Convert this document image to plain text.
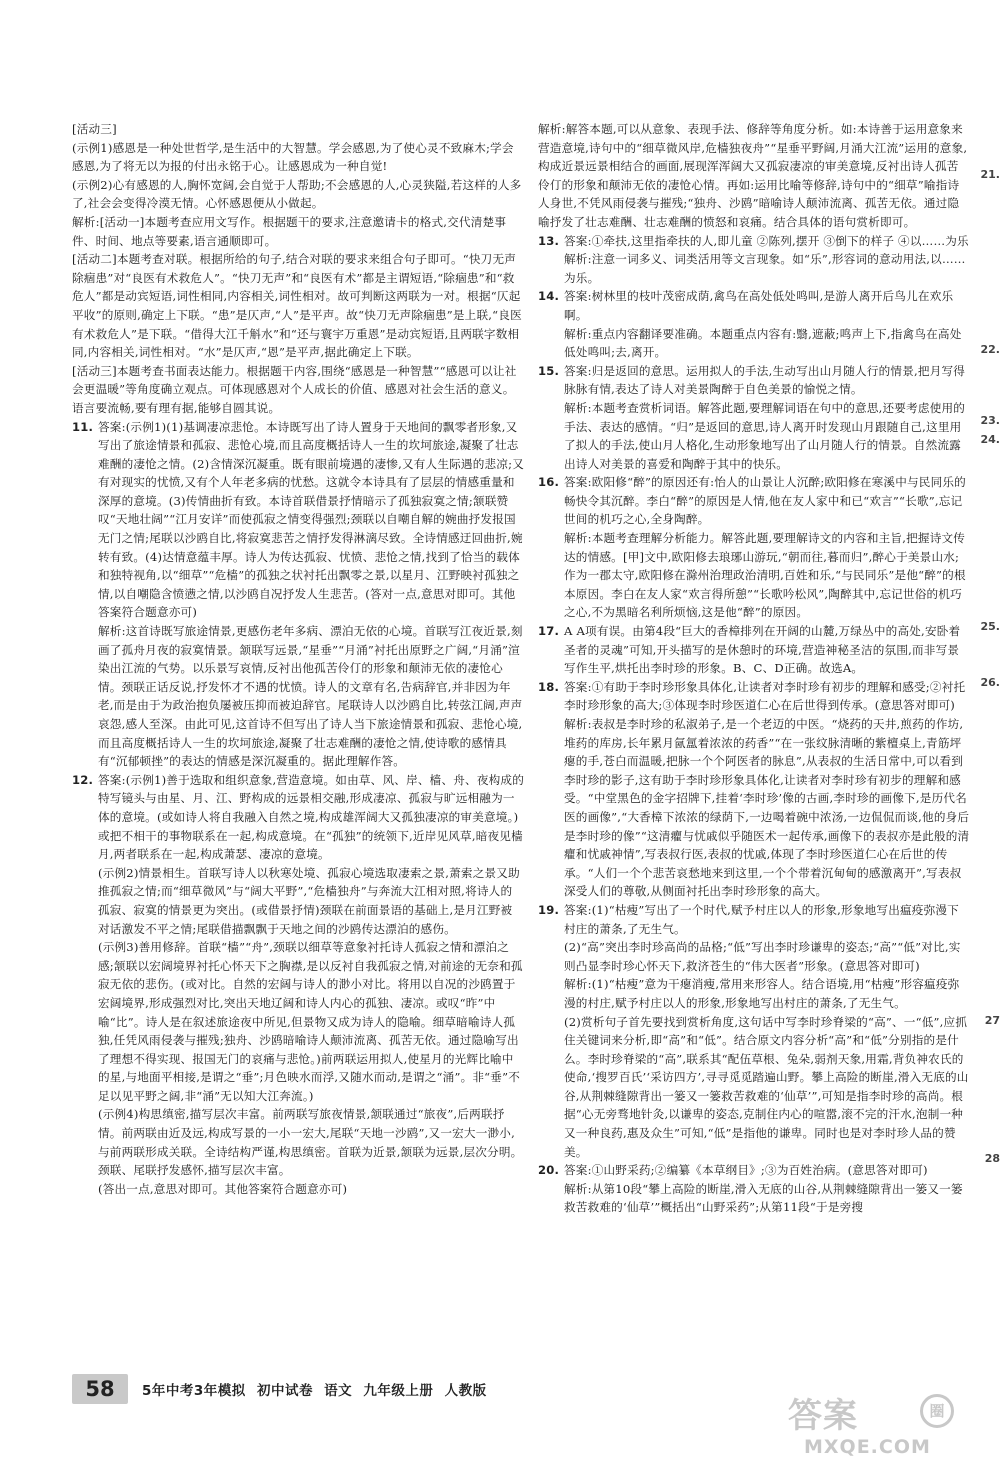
[活动三]

(示例1)感恩是一种处世哲学,是生活中的大智慧。学会感恩,为了使心灵不致麻木;学会感恩,为了将无以为报的付出永铭于心。让感恩成为一种自觉!

(示例2)心有感恩的人,胸怀宽阔,会自觉于人帮助;不会感恩的人,心灵狭隘,若这样的人多了,社会会变得冷漠无情。心怀感恩便从小做起。

解析:[活动一]本题考查应用文写作。根据题干的要求,注意邀请卡的格式,交代清楚事件、时间、地点等要素,语言通顺即可。

[活动二]本题考查对联。根据所给的句子,结合对联的要求来组合句子即可。“快刀无声除痼患”对“良医有术救危人”。“快刀无声”和“良医有术”都是主谓短语,“除痼患”和“救危人”都是动宾短语,词性相同,内容相关,词性相对。故可判断这两联为一对。根据“仄起平收”的原则,确定上下联。“患”是仄声,“人”是平声。故“快刀无声除痼患”是上联,“良医有术救危人”是下联。“借得大江千斛水”和“还与寰宇万重恩”是动宾短语,且两联字数相同,内容相关,词性相对。“水”是仄声,“恩”是平声,据此确定上下联。

[活动三]本题考查书面表达能力。根据题干内容,围绕“感恩是一种智慧”“感恩可以让社会更温暖”等角度确立观点。可体现感恩对个人成长的价值、感恩对社会生活的意义。语言要流畅,要有理有据,能够自圆其说。

11. 答案:(示例1)(1)基调凄凉悲怆。本诗既写出了诗人置身于天地间的飘零者形象,又写出了旅途情景和孤寂、悲怆心境,而且高度概括诗人一生的坎坷旅途,凝聚了壮志难酬的凄怆之情。(2)含情深沉凝重。既有眼前境遇的凄惨,又有人生际遇的悲凉;又有对现实的忧愤,又有个人年老多病的忧愁。这就令本诗具有了层层的情感重量和深厚的意境。(3)传情曲折有致。本诗首联借景抒情暗示了孤独寂寞之情;颔联赞叹“天地壮阔”“江月安详”而使孤寂之情变得强烈;颈联以自嘲自解的婉曲抒发报国无门之情;尾联以沙鸥自比,将寂寞悲苦之情抒发得淋漓尽致。全诗情感迂回曲折,婉转有致。(4)达情意蕴丰厚。诗人为传达孤寂、忧愤、悲怆之情,找到了恰当的载体和独特视角,以“细草”“危樯”的孤独之状衬托出飘零之景,以星月、江野映衬孤独之情,以自嘲隐含愤懑之情,以沙鸥自况抒发人生悲苦。(答对一点,意思对即可。其他答案符合题意亦可)

解析:这首诗既写旅途情景,更感伤老年多病、漂泊无依的心境。首联写江夜近景,刻画了孤舟月夜的寂寞情景。颔联写远景,“星垂”“月涌”衬托出原野之广阔,“月涌”渲染出江流的气势。以乐景写哀情,反衬出他孤苦伶仃的形象和颠沛无依的凄怆心情。颈联正话反说,抒发怀才不遇的忧愤。诗人的文章有名,告病辞官,并非因为年老,而是由于为政治抱负屡被压抑而被迫辞官。尾联诗人以沙鸥自比,转弦江阔,声声哀怨,感人至深。由此可见,这首诗不但写出了诗人当下旅途情景和孤寂、悲怆心境,而且高度概括诗人一生的坎坷旅途,凝聚了壮志难酬的凄怆之情,使诗歌的感情具有“沉郁顿挫”的表达的情感是深沉凝重的。据此理解作答。

12. 答案:(示例1)善于选取和组织意象,营造意境。如由草、风、岸、樯、舟、夜构成的特写镜头与由星、月、江、野构成的远景相交融,形成凄凉、孤寂与旷远相融为一体的意境。(或如诗人将自我融入自然之境,构成雄浑阔大又孤独凄凉的审美意境。)或把不相干的事物联系在一起,构成意境。在“孤独”的统领下,近岸见风草,暗夜见樯月,两者联系在一起,构成萧瑟、凄凉的意境。

(示例2)情景相生。首联写诗人以秋寒处境、孤寂心境选取凄索之景,萧索之景又助推孤寂之情;而“细草微风”与“阔大平野”,“危樯独舟”与奔流大江相对照,将诗人的孤寂、寂寞的情景更为突出。(或借景抒情)颈联在前面景语的基础上,是月江野被对话激发不平之情;尾联借描飘飘于天地之间的沙鸥传达漂泊的感伤。

(示例3)善用修辞。首联“樯”“舟”,颈联以细草等意象衬托诗人孤寂之情和漂泊之感;颔联以宏阔境界衬托心怀天下之胸襟,是以反衬自我孤寂之情,对前途的无奈和孤寂无依的悲伤。(或对比。自然的宏阔与诗人的渺小对比。将用以自况的沙鸥置于宏阔境界,形成强烈对比,突出天地辽阔和诗人内心的孤独、凄凉。或叹“昨”中喻“比”。诗人是在叙述旅途夜中所见,但景物又成为诗人的隐喻。细草暗喻诗人孤独,任凭风雨侵袭与摧残;独舟、沙鸥暗喻诗人颠沛流离、孤苦无依。通过隐喻写出了理想不得实现、报国无门的哀痛与悲怆。)前两联运用拟人,使星月的光辉比喻中的星,与地面平相接,是谓之“垂”;月色映水而浮,又随水而动,是谓之“涌”。非“垂”不足以见平野之阔,非“涌”无以知大江奔流。)

(示例4)构思缜密,描写层次丰富。前两联写旅夜情景,颔联通过“旅夜”,后两联抒情。前两联由近及远,构成写景的一小一宏大,尾联“天地一沙鸥”,又一宏大一渺小,与前两联形成关联。全诗结构严谨,构思缜密。首联为近景,颔联为远景,层次分明。颈联、尾联抒发感怀,描写层次丰富。

(答出一点,意思对即可。其他答案符合题意亦可)

解析:解答本题,可以从意象、表现手法、修辞等角度分析。如:本诗善于运用意象来营造意境,诗句中的“细草微风岸,危樯独夜舟”“星垂平野阔,月涌大江流”运用的意象,构成近景远景相结合的画面,展现浑浑阔大又孤寂凄凉的审美意境,反衬出诗人孤苦伶仃的形象和颠沛无依的凄怆心情。再如:运用比喻等修辞,诗句中的“细草”喻指诗人身世,不凭风雨侵袭与摧残;“独舟、沙鸥”暗喻诗人颠沛流离、孤苦无依。通过隐喻抒发了壮志难酬、壮志难酬的愤怒和哀痛。结合具体的语句赏析即可。

13. 答案:①牵扶,这里指牵扶的人,即儿童 ②陈列,摆开 ③倒下的样子 ④以……为乐

解析:注意一词多义、词类活用等文言现象。如“乐”,形容词的意动用法,以……为乐。

14. 答案:树林里的枝叶茂密成荫,禽鸟在高处低处鸣叫,是游人离开后鸟儿在欢乐啊。

解析:重点内容翻译要准确。本题重点内容有:翳,遮蔽;鸣声上下,指禽鸟在高处低处鸣叫;去,离开。

15. 答案:归是返回的意思。运用拟人的手法,生动写出山月随人行的情景,把月写得脉脉有情,表达了诗人对美景陶醉于自色美景的愉悦之情。

解析:本题考查赏析词语。解答此题,要理解词语在句中的意思,还要考虑使用的手法、表达的感情。“归”是返回的意思,诗人离开时发现山月跟随自己,这里用了拟人的手法,使山月人格化,生动形象地写出了山月随人行的情景。自然流露出诗人对美景的喜爱和陶醉于其中的快乐。

16. 答案:欧阳修“醉”的原因还有:怡人的山景让人沉醉;欧阳修在寒溪中与民同乐的畅快令其沉醉。李白“醉”的原因是人情,他在友人家中和已“欢言”“长歌”,忘记世间的机巧之心,全身陶醉。

解析:本题考查理解分析能力。解答此题,要理解诗文的内容和主旨,把握诗文传达的情感。[甲]文中,欧阳修去琅琊山游玩,“朝而往,暮而归”,醉心于美景山水;作为一郡太守,欧阳修在滁州治理政治清明,百姓和乐,“与民同乐”是他“醉”的根本原因。李白在友人家“欢言得所憩”“长歌吟松风”,陶醉其中,忘记世俗的机巧之心,不为黑暗名利所烦恼,这是他“醉”的原因。

17. A A项有误。由第4段“巨大的香樟排列在开阔的山麓,万绿丛中的高处,安卧着圣者的灵魂”可知,开头描写的是休憩时的环境,营造神秘圣洁的氛围,而非写景写作生平,烘托出李时珍的形象。B、C、D正确。故选A。

18. 答案:①有助于李时珍形象具体化,让读者对李时珍有初步的理解和感受;②衬托李时珍形象的高大;③体现李时珍医道仁心在后世得到传承。(意思答对即可)

解析:表叔是李时珍的私淑弟子,是一个老迈的中医。“烧药的天井,煎药的作坊,堆药的库房,长年累月氤氲着浓浓的药香”“在一张纹脉清晰的紫檀桌上,青筋坪瘪的手,苍白而温暖,把脉一个个阿医者的脉息”,从表叔的生活日常中,可以看到李时珍的影子,这有助于李时珍形象具体化,让读者对李时珍有初步的理解和感受。“中堂黑色的金字招牌下,挂着‘李时珍’像的古画,李时珍的画像下,是历代名医的画像”,“大香樟下浓浓的绿荫下,一边喝着碗中浓汤,一边侃侃而谈,他的身后是李时珍的像”“这清癯与忧戚似乎随医术一起传承,画像下的表叔亦是此般的清癯和忧戚神情”,写表叔行医,表叔的忧戚,体现了李时珍医道仁心在后世的传承。“人们一个个悲苦哀愁地来到这里,一个个带着沉甸甸的感激离开”,写表叔深受人们的尊敬,从侧面衬托出李时珍形象的高大。

19. 答案:(1)“枯瘦”写出了一个时代,赋予村庄以人的形象,形象地写出瘟疫弥漫下村庄的萧条,了无生气。

(2)“高”突出李时珍高尚的品格;“低”写出李时珍谦卑的姿态;“高”“低”对比,实则凸显李时珍心怀天下,救济苍生的“伟大医者”形象。(意思答对即可)

解析:(1)“枯瘦”意为干瘪消瘦,常用来形容人。结合语境,用“枯瘦”形容瘟疫弥漫的村庄,赋予村庄以人的形象,形象地写出村庄的萧条,了无生气。

(2)赏析句子首先要找到赏析角度,这句话中写李时珍脊梁的“高”、一“低”,应抓住关键词来分析,即“高”和“低”。结合原文内容分析“高”和“低”分别指的是什么。李时珍脊梁的“高”,联系其“配伍草根、兔朵,弱剂天象,用霜,背负神农氏的使命,‘搜罗百氏’‘采访四方’,寻寻觅觅踏遍山野。攀上高险的断崖,滑入无底的山谷,从荆棘缝隙背出一篓又一篓救苦救难的‘仙草’”,可知是指李时珍的高尚。根据“心无旁骛地针灸,以谦卑的姿态,克制住内心的喧嚣,滚不完的汗水,泡制一种又一种良药,惠及众生”可知,“低”是指他的谦卑。同时也是对李时珍人品的赞美。

20. 答案:①山野采药;②编纂《本草纲目》;③为百姓治病。(意思答对即可)

解析:从第10段“攀上高险的断崖,滑入无底的山谷,从荆棘缝隙背出一篓又一篓救苦救难的‘仙草’”概括出“山野采药”;从第11段“于是旁搜

21.
22.
23.
24.
25.
26.
27
28
58	5年中考3年模拟 初中试卷 语文 九年级上册 人教版
答案	圈
MXQE.COM
